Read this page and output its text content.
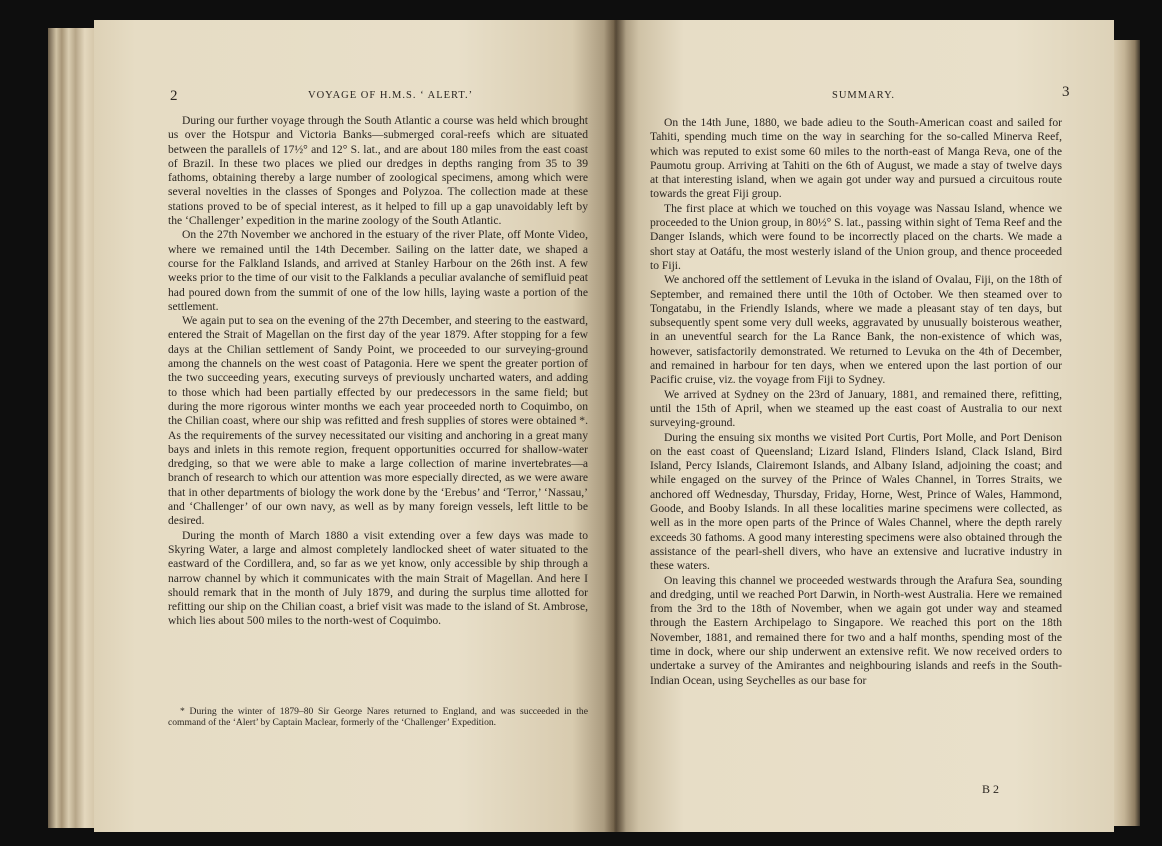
2	VOYAGE OF H.M.S. ‘ ALERT.’

During our further voyage through the South Atlantic a course was held which brought us over the Hotspur and Victoria Banks—submerged coral-reefs which are situated between the parallels of 17½° and 12° S. lat., and are about 180 miles from the east coast of Brazil. In these two places we plied our dredges in depths ranging from 35 to 39 fathoms, obtaining thereby a large number of zoological specimens, among which were several novelties in the classes of Sponges and Polyzoa. The collection made at these stations proved to be of special interest, as it helped to fill up a gap unavoidably left by the ‘Challenger’ expedition in the marine zoology of the South Atlantic.

On the 27th November we anchored in the estuary of the river Plate, off Monte Video, where we remained until the 14th December. Sailing on the latter date, we shaped a course for the Falkland Islands, and arrived at Stanley Harbour on the 26th inst. A few weeks prior to the time of our visit to the Falklands a peculiar avalanche of semifluid peat had poured down from the summit of one of the low hills, laying waste a portion of the settlement.

We again put to sea on the evening of the 27th December, and steering to the eastward, entered the Strait of Magellan on the first day of the year 1879. After stopping for a few days at the Chilian settlement of Sandy Point, we proceeded to our surveying-ground among the channels on the west coast of Patagonia. Here we spent the greater portion of the two succeeding years, executing surveys of previously uncharted waters, and adding to those which had been partially effected by our predecessors in the same field; but during the more rigorous winter months we each year proceeded north to Coquimbo, on the Chilian coast, where our ship was refitted and fresh supplies of stores were obtained *. As the requirements of the survey necessitated our visiting and anchoring in a great many bays and inlets in this remote region, frequent opportunities occurred for shallow-water dredging, so that we were able to make a large collection of marine invertebrates—a branch of research to which our attention was more especially directed, as we were aware that in other departments of biology the work done by the ‘Erebus’ and ‘Terror,’ ‘Nassau,’ and ‘Challenger’ of our own navy, as well as by many foreign vessels, left little to be desired.

During the month of March 1880 a visit extending over a few days was made to Skyring Water, a large and almost completely landlocked sheet of water situated to the eastward of the Cordillera, and, so far as we yet know, only accessible by ship through a narrow channel by which it communicates with the main Strait of Magellan. And here I should remark that in the month of July 1879, and during the surplus time allotted for refitting our ship on the Chilian coast, a brief visit was made to the island of St. Ambrose, which lies about 500 miles to the north-west of Coquimbo.

* During the winter of 1879–80 Sir George Nares returned to England, and was succeeded in the command of the ‘Alert’ by Captain Maclear, formerly of the ‘Challenger’ Expedition.

SUMMARY.	3

On the 14th June, 1880, we bade adieu to the South-American coast and sailed for Tahiti, spending much time on the way in searching for the so-called Minerva Reef, which was reputed to exist some 60 miles to the north-east of Manga Reva, one of the Paumotu group. Arriving at Tahiti on the 6th of August, we made a stay of twelve days at that interesting island, when we again got under way and pursued a circuitous route towards the great Fiji group.

The first place at which we touched on this voyage was Nassau Island, whence we proceeded to the Union group, in 80½° S. lat., passing within sight of Tema Reef and the Danger Islands, which were found to be incorrectly placed on the charts. We made a short stay at Oatáfu, the most westerly island of the Union group, and thence proceeded to Fiji.

We anchored off the settlement of Levuka in the island of Ovalau, Fiji, on the 18th of September, and remained there until the 10th of October. We then steamed over to Tongatabu, in the Friendly Islands, where we made a pleasant stay of ten days, but subsequently spent some very dull weeks, aggravated by unusually boisterous weather, in an uneventful search for the La Rance Bank, the non-existence of which was, however, satisfactorily demonstrated. We returned to Levuka on the 4th of December, and remained in harbour for ten days, when we entered upon the last portion of our Pacific cruise, viz. the voyage from Fiji to Sydney.

We arrived at Sydney on the 23rd of January, 1881, and remained there, refitting, until the 15th of April, when we steamed up the east coast of Australia to our next surveying-ground.

During the ensuing six months we visited Port Curtis, Port Molle, and Port Denison on the east coast of Queensland; Lizard Island, Flinders Island, Clack Island, Bird Island, Percy Islands, Clairemont Islands, and Albany Island, adjoining the coast; and while engaged on the survey of the Prince of Wales Channel, in Torres Straits, we anchored off Wednesday, Thursday, Friday, Horne, West, Prince of Wales, Hammond, Goode, and Booby Islands. In all these localities marine specimens were collected, as well as in the more open parts of the Prince of Wales Channel, where the depth rarely exceeds 30 fathoms. A good many interesting specimens were also obtained through the assistance of the pearl-shell divers, who have an extensive and lucrative industry in these waters.

On leaving this channel we proceeded westwards through the Arafura Sea, sounding and dredging, until we reached Port Darwin, in North-west Australia. Here we remained from the 3rd to the 18th of November, when we again got under way and steamed through the Eastern Archipelago to Singapore. We reached this port on the 18th November, 1881, and remained there for two and a half months, spending most of the time in dock, where our ship underwent an extensive refit. We now received orders to undertake a survey of the Amirantes and neighbouring islands and reefs in the South-Indian Ocean, using Seychelles as our base for

B 2
